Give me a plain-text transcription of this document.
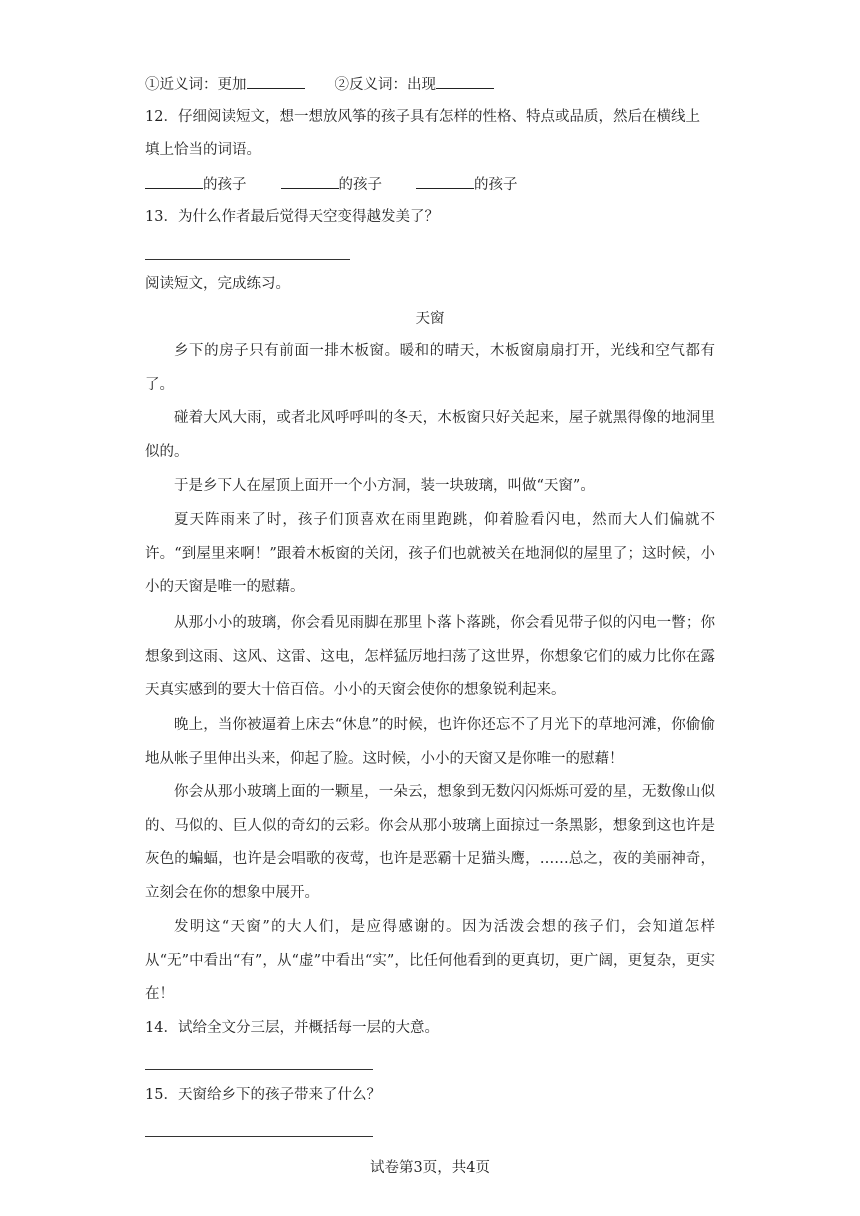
①近义词：更加	②反义词：出现
12．仔细阅读短文，想一想放风筝的孩子具有怎样的性格、特点或品质，然后在横线上
填上恰当的词语。
的孩子	的孩子	的孩子
13．为什么作者最后觉得天空变得越发美了？
阅读短文，完成练习。
天窗
乡下的房子只有前面一排木板窗。暖和的晴天，木板窗扇扇打开，光线和空气都有了。
碰着大风大雨，或者北风呼呼叫的冬天，木板窗只好关起来，屋子就黑得像的地洞里似的。
于是乡下人在屋顶上面开一个小方洞，装一块玻璃，叫做“天窗”。
夏天阵雨来了时，孩子们顶喜欢在雨里跑跳，仰着脸看闪电，然而大人们偏就不许。“到屋里来啊！”跟着木板窗的关闭，孩子们也就被关在地洞似的屋里了；这时候，小小的天窗是唯一的慰藉。
从那小小的玻璃，你会看见雨脚在那里卜落卜落跳，你会看见带子似的闪电一瞥；你想象到这雨、这风、这雷、这电，怎样猛厉地扫荡了这世界，你想象它们的威力比你在露天真实感到的要大十倍百倍。小小的天窗会使你的想象锐利起来。
晚上，当你被逼着上床去“休息”的时候，也许你还忘不了月光下的草地河滩，你偷偷地从帐子里伸出头来，仰起了脸。这时候，小小的天窗又是你唯一的慰藉！
你会从那小玻璃上面的一颗星，一朵云，想象到无数闪闪烁烁可爱的星，无数像山似的、马似的、巨人似的奇幻的云彩。你会从那小玻璃上面掠过一条黑影，想象到这也许是灰色的蝙蝠，也许是会唱歌的夜莺，也许是恶霸十足猫头鹰，……总之，夜的美丽神奇，立刻会在你的想象中展开。
发明这“天窗”的大人们，是应得感谢的。因为活泼会想的孩子们，会知道怎样从“无”中看出“有”，从“虚”中看出“实”，比任何他看到的更真切，更广阔，更复杂，更实在！
14．试给全文分三层，并概括每一层的大意。
15．天窗给乡下的孩子带来了什么？
试卷第3页，共4页
